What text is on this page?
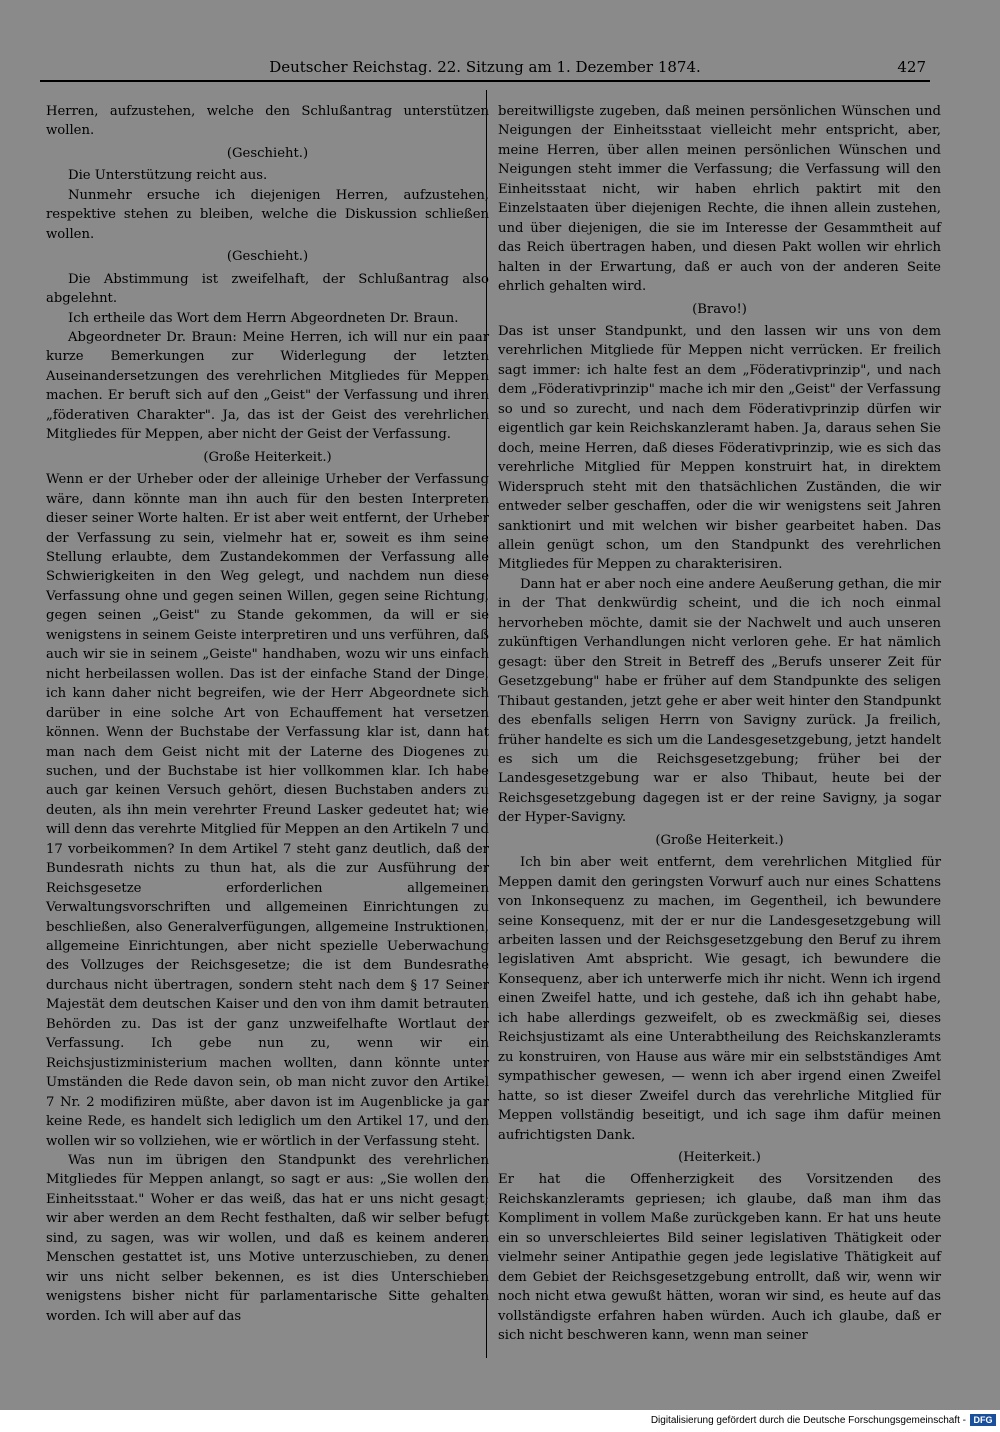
Deutscher Reichstag. 22. Sitzung am 1. Dezember 1874.	427

Herren, aufzustehen, welche den Schlußantrag unterstützen wollen.

(Geschieht.)

Die Unterstützung reicht aus.

Nunmehr ersuche ich diejenigen Herren, aufzustehen, respektive stehen zu bleiben, welche die Diskussion schließen wollen.

(Geschieht.)

Die Abstimmung ist zweifelhaft, der Schlußantrag also abgelehnt.

Ich ertheile das Wort dem Herrn Abgeordneten Dr. Braun.

Abgeordneter Dr. Braun: Meine Herren, ich will nur ein paar kurze Bemerkungen zur Widerlegung der letzten Auseinandersetzungen des verehrlichen Mitgliedes für Meppen machen. Er beruft sich auf den „Geist" der Verfassung und ihren „föderativen Charakter". Ja, das ist der Geist des verehrlichen Mitgliedes für Meppen, aber nicht der Geist der Verfassung.

(Große Heiterkeit.)

Wenn er der Urheber oder der alleinige Urheber der Verfassung wäre, dann könnte man ihn auch für den besten Interpreten dieser seiner Worte halten. Er ist aber weit entfernt, der Urheber der Verfassung zu sein, vielmehr hat er, soweit es ihm seine Stellung erlaubte, dem Zustandekommen der Verfassung alle Schwierigkeiten in den Weg gelegt, und nachdem nun diese Verfassung ohne und gegen seinen Willen, gegen seine Richtung, gegen seinen „Geist" zu Stande gekommen, da will er sie wenigstens in seinem Geiste interpretiren und uns verführen, daß auch wir sie in seinem „Geiste" handhaben, wozu wir uns einfach nicht herbeilassen wollen. Das ist der einfache Stand der Dinge, ich kann daher nicht begreifen, wie der Herr Abgeordnete sich darüber in eine solche Art von Echauffement hat versetzen können. Wenn der Buchstabe der Verfassung klar ist, dann hat man nach dem Geist nicht mit der Laterne des Diogenes zu suchen, und der Buchstabe ist hier vollkommen klar. Ich habe auch gar keinen Versuch gehört, diesen Buchstaben anders zu deuten, als ihn mein verehrter Freund Lasker gedeutet hat; wie will denn das verehrte Mitglied für Meppen an den Artikeln 7 und 17 vorbeikommen? In dem Artikel 7 steht ganz deutlich, daß der Bundesrath nichts zu thun hat, als die zur Ausführung der Reichsgesetze erforderlichen allgemeinen Verwaltungsvorschriften und allgemeinen Einrichtungen zu beschließen, also Generalverfügungen, allgemeine Instruktionen, allgemeine Einrichtungen, aber nicht spezielle Ueberwachung des Vollzuges der Reichsgesetze; die ist dem Bundesrathe durchaus nicht übertragen, sondern steht nach dem § 17 Seiner Majestät dem deutschen Kaiser und den von ihm damit betrauten Behörden zu. Das ist der ganz unzweifelhafte Wortlaut der Verfassung. Ich gebe nun zu, wenn wir ein Reichsjustizministerium machen wollten, dann könnte unter Umständen die Rede davon sein, ob man nicht zuvor den Artikel 7 Nr. 2 modifiziren müßte, aber davon ist im Augenblicke ja gar keine Rede, es handelt sich lediglich um den Artikel 17, und den wollen wir so vollziehen, wie er wörtlich in der Verfassung steht.

Was nun im übrigen den Standpunkt des verehrlichen Mitgliedes für Meppen anlangt, so sagt er aus: „Sie wollen den Einheitsstaat." Woher er das weiß, das hat er uns nicht gesagt; wir aber werden an dem Recht festhalten, daß wir selber befugt sind, zu sagen, was wir wollen, und daß es keinem anderen Menschen gestattet ist, uns Motive unterzuschieben, zu denen wir uns nicht selber bekennen, es ist dies Unterschieben wenigstens bisher nicht für parlamentarische Sitte gehalten worden. Ich will aber auf das

bereitwilligste zugeben, daß meinen persönlichen Wünschen und Neigungen der Einheitsstaat vielleicht mehr entspricht, aber, meine Herren, über allen meinen persönlichen Wünschen und Neigungen steht immer die Verfassung; die Verfassung will den Einheitsstaat nicht, wir haben ehrlich paktirt mit den Einzelstaaten über diejenigen Rechte, die ihnen allein zustehen, und über diejenigen, die sie im Interesse der Gesammtheit auf das Reich übertragen haben, und diesen Pakt wollen wir ehrlich halten in der Erwartung, daß er auch von der anderen Seite ehrlich gehalten wird.

(Bravo!)

Das ist unser Standpunkt, und den lassen wir uns von dem verehrlichen Mitgliede für Meppen nicht verrücken. Er freilich sagt immer: ich halte fest an dem „Föderativprinzip", und nach dem „Föderativprinzip" mache ich mir den „Geist" der Verfassung so und so zurecht, und nach dem Föderativprinzip dürfen wir eigentlich gar kein Reichskanzleramt haben. Ja, daraus sehen Sie doch, meine Herren, daß dieses Föderativprinzip, wie es sich das verehrliche Mitglied für Meppen konstruirt hat, in direktem Widerspruch steht mit den thatsächlichen Zuständen, die wir entweder selber geschaffen, oder die wir wenigstens seit Jahren sanktionirt und mit welchen wir bisher gearbeitet haben. Das allein genügt schon, um den Standpunkt des verehrlichen Mitgliedes für Meppen zu charakterisiren.

Dann hat er aber noch eine andere Aeußerung gethan, die mir in der That denkwürdig scheint, und die ich noch einmal hervorheben möchte, damit sie der Nachwelt und auch unseren zukünftigen Verhandlungen nicht verloren gehe. Er hat nämlich gesagt: über den Streit in Betreff des „Berufs unserer Zeit für Gesetzgebung" habe er früher auf dem Standpunkte des seligen Thibaut gestanden, jetzt gehe er aber weit hinter den Standpunkt des ebenfalls seligen Herrn von Savigny zurück. Ja freilich, früher handelte es sich um die Landesgesetzgebung, jetzt handelt es sich um die Reichsgesetzgebung; früher bei der Landesgesetzgebung war er also Thibaut, heute bei der Reichsgesetzgebung dagegen ist er der reine Savigny, ja sogar der Hyper-Savigny.

(Große Heiterkeit.)

Ich bin aber weit entfernt, dem verehrlichen Mitglied für Meppen damit den geringsten Vorwurf auch nur eines Schattens von Inkonsequenz zu machen, im Gegentheil, ich bewundere seine Konsequenz, mit der er nur die Landesgesetzgebung will arbeiten lassen und der Reichsgesetzgebung den Beruf zu ihrem legislativen Amt abspricht. Wie gesagt, ich bewundere die Konsequenz, aber ich unterwerfe mich ihr nicht. Wenn ich irgend einen Zweifel hatte, und ich gestehe, daß ich ihn gehabt habe, ich habe allerdings gezweifelt, ob es zweckmäßig sei, dieses Reichsjustizamt als eine Unterabtheilung des Reichskanzleramts zu konstruiren, von Hause aus wäre mir ein selbstständiges Amt sympathischer gewesen, — wenn ich aber irgend einen Zweifel hatte, so ist dieser Zweifel durch das verehrliche Mitglied für Meppen vollständig beseitigt, und ich sage ihm dafür meinen aufrichtigsten Dank.

(Heiterkeit.)

Er hat die Offenherzigkeit des Vorsitzenden des Reichskanzleramts gepriesen; ich glaube, daß man ihm das Kompliment in vollem Maße zurückgeben kann. Er hat uns heute ein so unverschleiertes Bild seiner legislativen Thätigkeit oder vielmehr seiner Antipathie gegen jede legislative Thätigkeit auf dem Gebiet der Reichsgesetzgebung entrollt, daß wir, wenn wir noch nicht etwa gewußt hätten, woran wir sind, es heute auf das vollständigste erfahren haben würden. Auch ich glaube, daß er sich nicht beschweren kann, wenn man seiner

Digitalisierung gefördert durch die Deutsche Forschungsgemeinschaft - DFG
